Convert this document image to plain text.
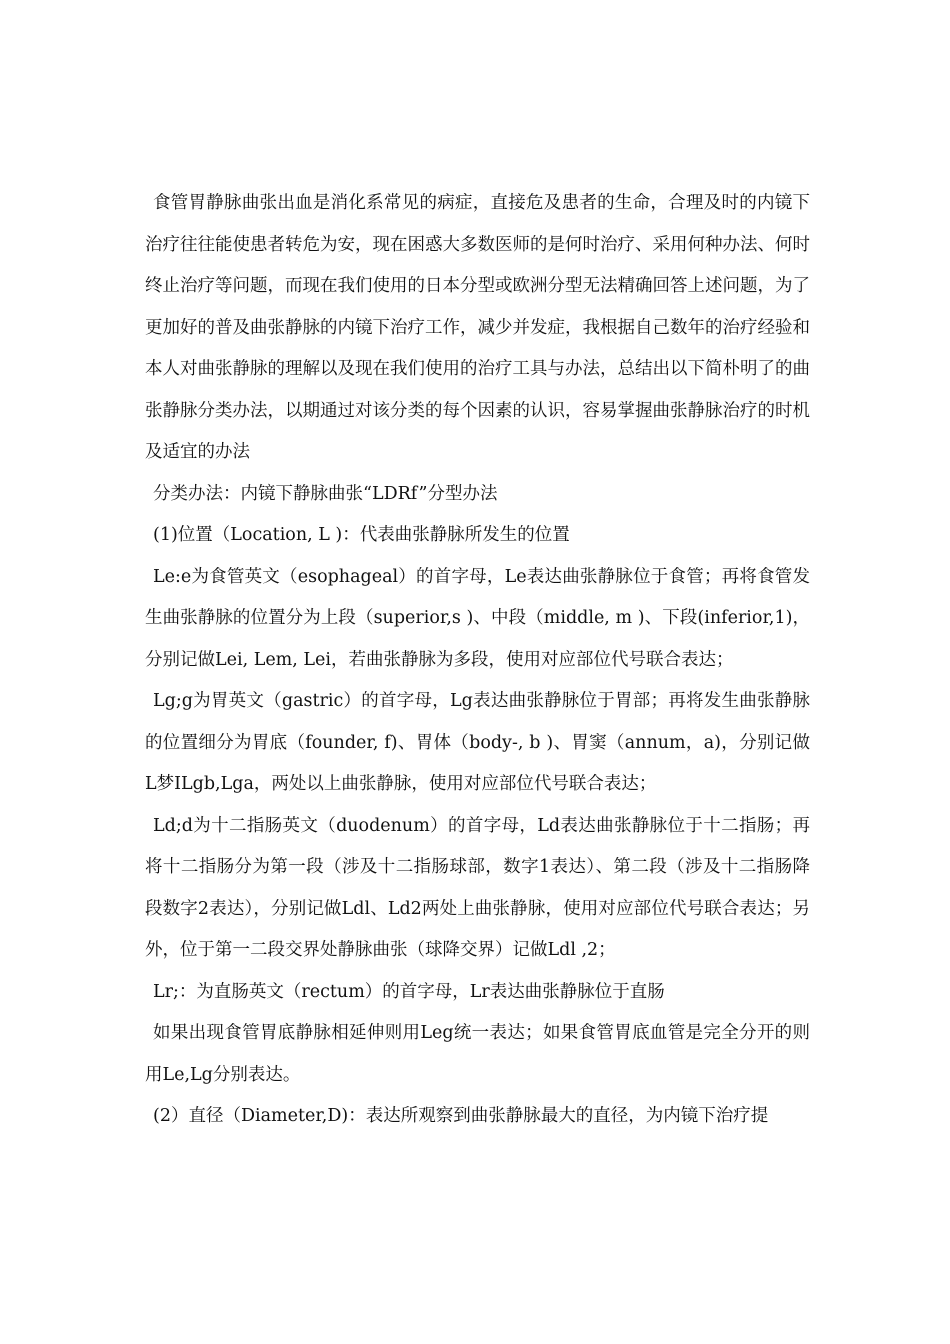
食管胃静脉曲张出血是消化系常见的病症，直接危及患者的生命，合理及时的内镜下治疗往往能使患者转危为安，现在困惑大多数医师的是何时治疗、采用何种办法、何时终止治疗等问题，而现在我们使用的日本分型或欧洲分型无法精确回答上述问题，为了更加好的普及曲张静脉的内镜下治疗工作，减少并发症，我根据自己数年的治疗经验和本人对曲张静脉的理解以及现在我们使用的治疗工具与办法，总结出以下简朴明了的曲张静脉分类办法，以期通过对该分类的每个因素的认识，容易掌握曲张静脉治疗的时机及适宜的办法

分类办法：内镜下静脉曲张“LDRf”分型办法

(1)位置（Location, L )：代表曲张静脉所发生的位置

Le:e为食管英文（esophageal）的首字母，Le表达曲张静脉位于食管；再将食管发生曲张静脉的位置分为上段（superior,s )、中段（middle, m )、下段(inferior,1)，分别记做Lei, Lem, Lei，若曲张静脉为多段，使用对应部位代号联合表达；

Lg;g为胃英文（gastric）的首字母，Lg表达曲张静脉位于胃部；再将发生曲张静脉的位置细分为胃底（founder, f)、胃体（body-, b )、胃窦（annum，a)，分别记做L梦ILgb,Lga，两处以上曲张静脉，使用对应部位代号联合表达；

Ld;d为十二指肠英文（duodenum）的首字母，Ld表达曲张静脉位于十二指肠；再将十二指肠分为第一段（涉及十二指肠球部，数字1表达）、第二段（涉及十二指肠降段数字2表达），分别记做Ldl、Ld2两处上曲张静脉，使用对应部位代号联合表达；另外，位于第一二段交界处静脉曲张（球降交界）记做Ldl ,2；

Lr;：为直肠英文（rectum）的首字母，Lr表达曲张静脉位于直肠

如果出现食管胃底静脉相延伸则用Leg统一表达；如果食管胃底血管是完全分开的则用Le,Lg分别表达。

(2）直径（Diameter,D)：表达所观察到曲张静脉最大的直径，为内镜下治疗提
